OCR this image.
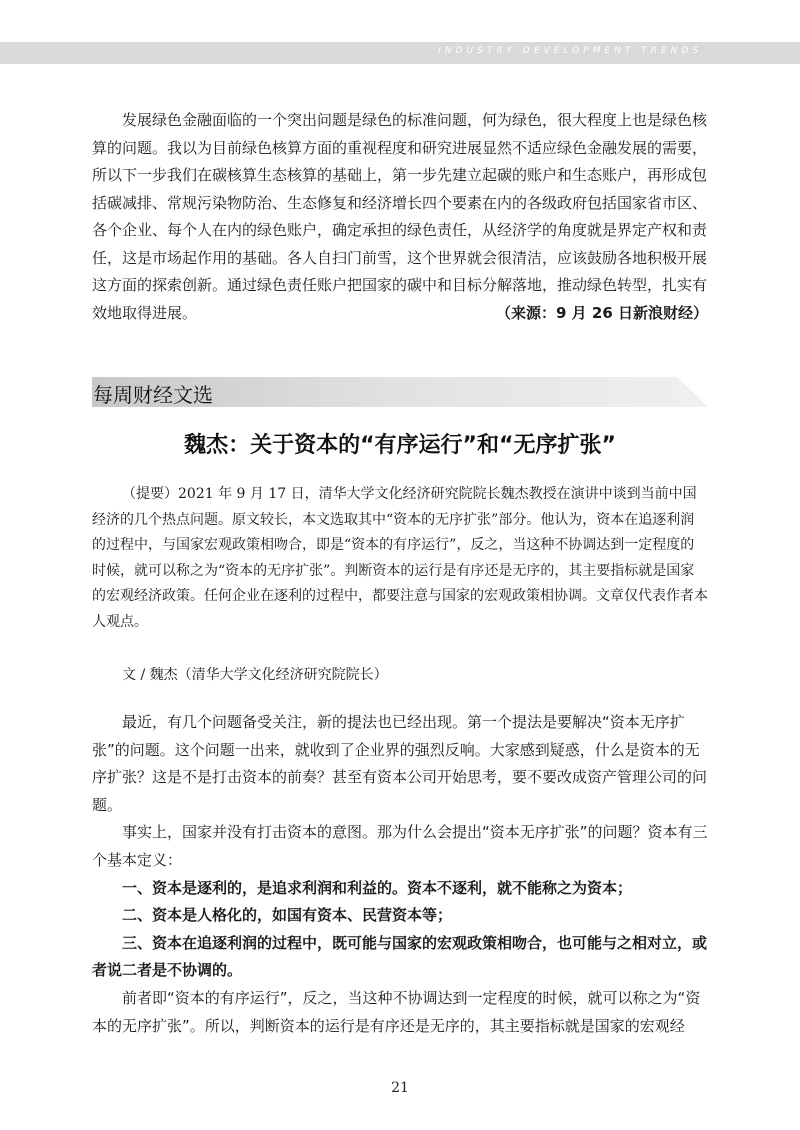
INDUSTRY DEVELOPMENT TRENDS
发展绿色金融面临的一个突出问题是绿色的标准问题，何为绿色，很大程度上也是绿色核算的问题。我以为目前绿色核算方面的重视程度和研究进展显然不适应绿色金融发展的需要，所以下一步我们在碳核算生态核算的基础上，第一步先建立起碳的账户和生态账户，再形成包括碳减排、常规污染物防治、生态修复和经济增长四个要素在内的各级政府包括国家省市区、各个企业、每个人在内的绿色账户，确定承担的绿色责任，从经济学的角度就是界定产权和责任，这是市场起作用的基础。各人自扫门前雪，这个世界就会很清洁，应该鼓励各地积极开展这方面的探索创新。通过绿色责任账户把国家的碳中和目标分解落地，推动绿色转型，扎实有效地取得进展。	（来源：9 月 26 日新浪财经）
每周财经文选
魏杰：关于资本的“有序运行”和“无序扩张”
（提要）2021 年 9 月 17 日，清华大学文化经济研究院院长魏杰教授在演讲中谈到当前中国经济的几个热点问题。原文较长，本文选取其中“资本的无序扩张”部分。他认为，资本在追逐利润的过程中，与国家宏观政策相吻合，即是“资本的有序运行”，反之，当这种不协调达到一定程度的时候，就可以称之为“资本的无序扩张”。判断资本的运行是有序还是无序的，其主要指标就是国家的宏观经济政策。任何企业在逐利的过程中，都要注意与国家的宏观政策相协调。文章仅代表作者本人观点。
文 / 魏杰（清华大学文化经济研究院院长）

最近，有几个问题备受关注，新的提法也已经出现。第一个提法是要解决“资本无序扩张”的问题。这个问题一出来，就收到了企业界的强烈反响。大家感到疑惑，什么是资本的无序扩张？这是不是打击资本的前奏？甚至有资本公司开始思考，要不要改成资产管理公司的问题。

事实上，国家并没有打击资本的意图。那为什么会提出“资本无序扩张”的问题？资本有三个基本定义：

一、资本是逐利的，是追求利润和利益的。资本不逐利，就不能称之为资本；

二、资本是人格化的，如国有资本、民营资本等；

三、资本在追逐利润的过程中，既可能与国家的宏观政策相吻合，也可能与之相对立，或者说二者是不协调的。

前者即“资本的有序运行”，反之，当这种不协调达到一定程度的时候，就可以称之为“资本的无序扩张”。所以，判断资本的运行是有序还是无序的，其主要指标就是国家的宏观经

21
